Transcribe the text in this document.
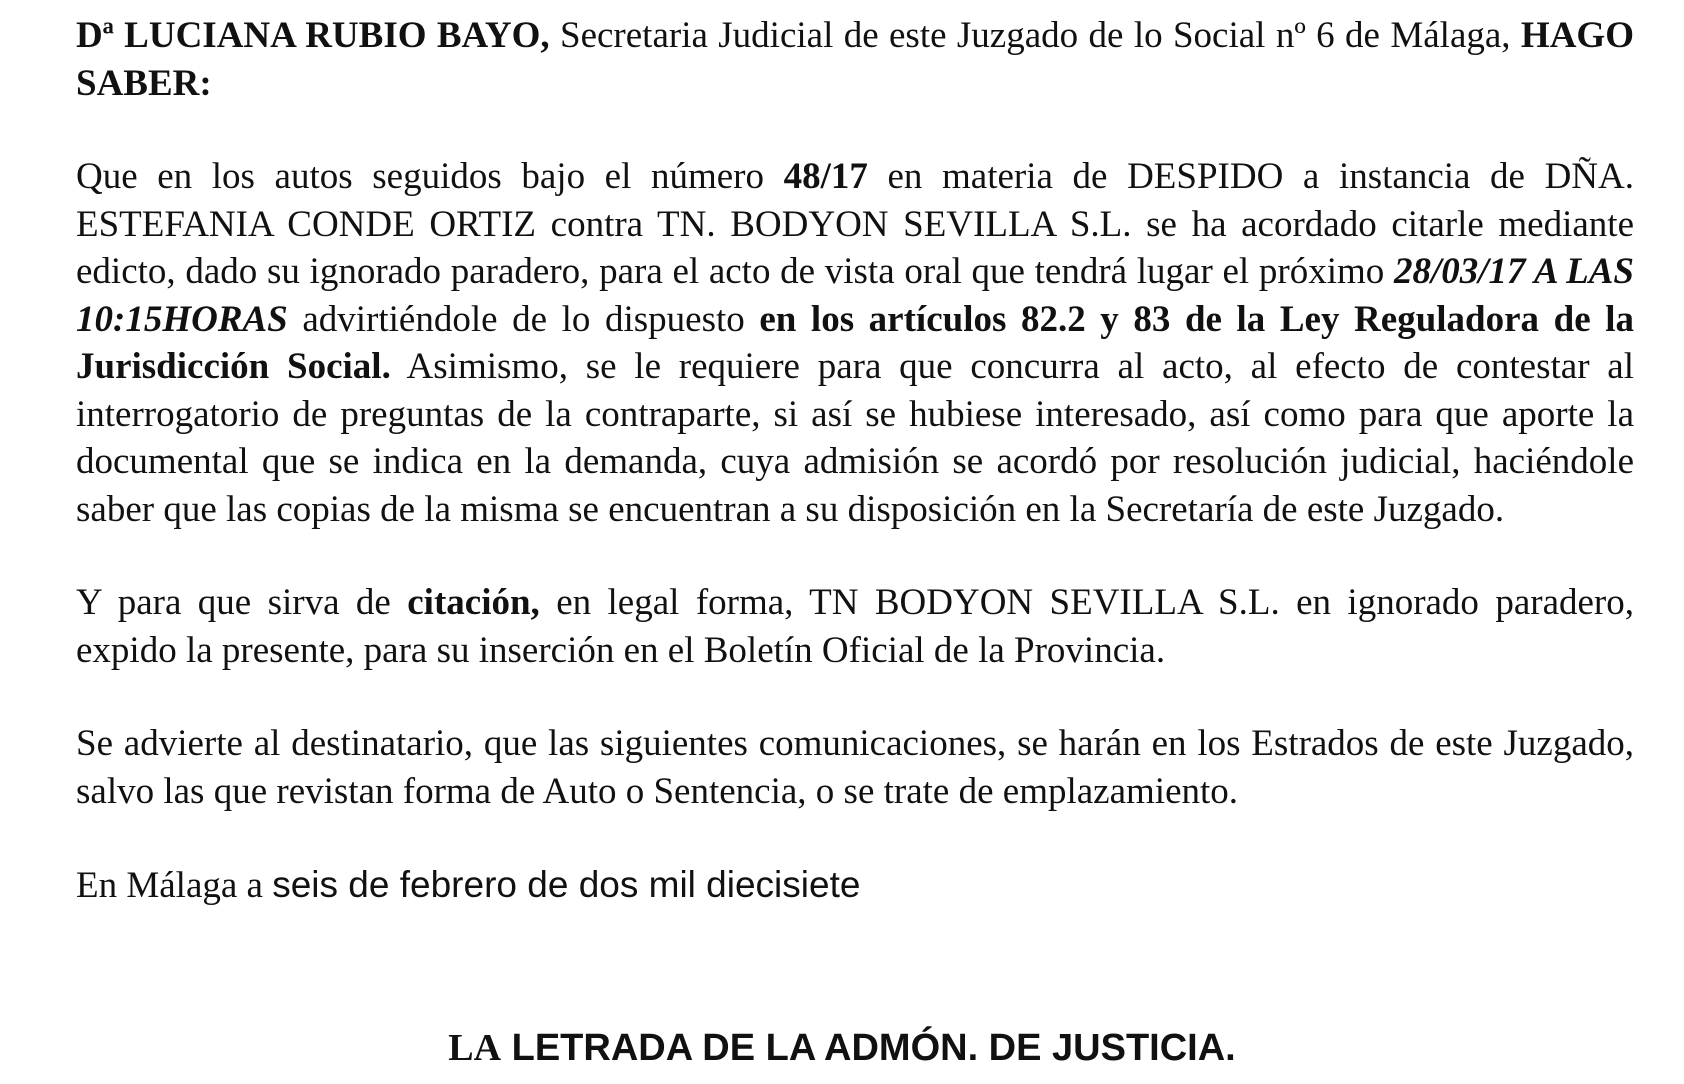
Dª LUCIANA RUBIO BAYO, Secretaria Judicial de este Juzgado de lo Social nº 6 de Málaga, HAGO SABER:

Que en los autos seguidos bajo el número 48/17 en materia de DESPIDO a instancia de DÑA. ESTEFANIA CONDE ORTIZ contra TN. BODYON SEVILLA S.L. se ha acordado citarle mediante edicto, dado su ignorado paradero, para el acto de vista oral que tendrá lugar el próximo 28/03/17 A LAS 10:15HORAS advirtiéndole de lo dispuesto en los artículos 82.2 y 83 de la Ley Reguladora de la Jurisdicción Social. Asimismo, se le requiere para que concurra al acto, al efecto de contestar al interrogatorio de preguntas de la contraparte, si así se hubiese interesado, así como para que aporte la documental que se indica en la demanda, cuya admisión se acordó por resolución judicial, haciéndole saber que las copias de la misma se encuentran a su disposición en la Secretaría de este Juzgado.

Y para que sirva de citación, en legal forma, TN BODYON SEVILLA S.L. en ignorado paradero, expido la presente, para su inserción en el Boletín Oficial de la Provincia.

Se advierte al destinatario, que las siguientes comunicaciones, se harán en los Estrados de este Juzgado, salvo las que revistan forma de Auto o Sentencia, o se trate de emplazamiento.

En Málaga a seis de febrero de dos mil diecisiete

LA LETRADA DE LA ADMÓN. DE JUSTICIA.
